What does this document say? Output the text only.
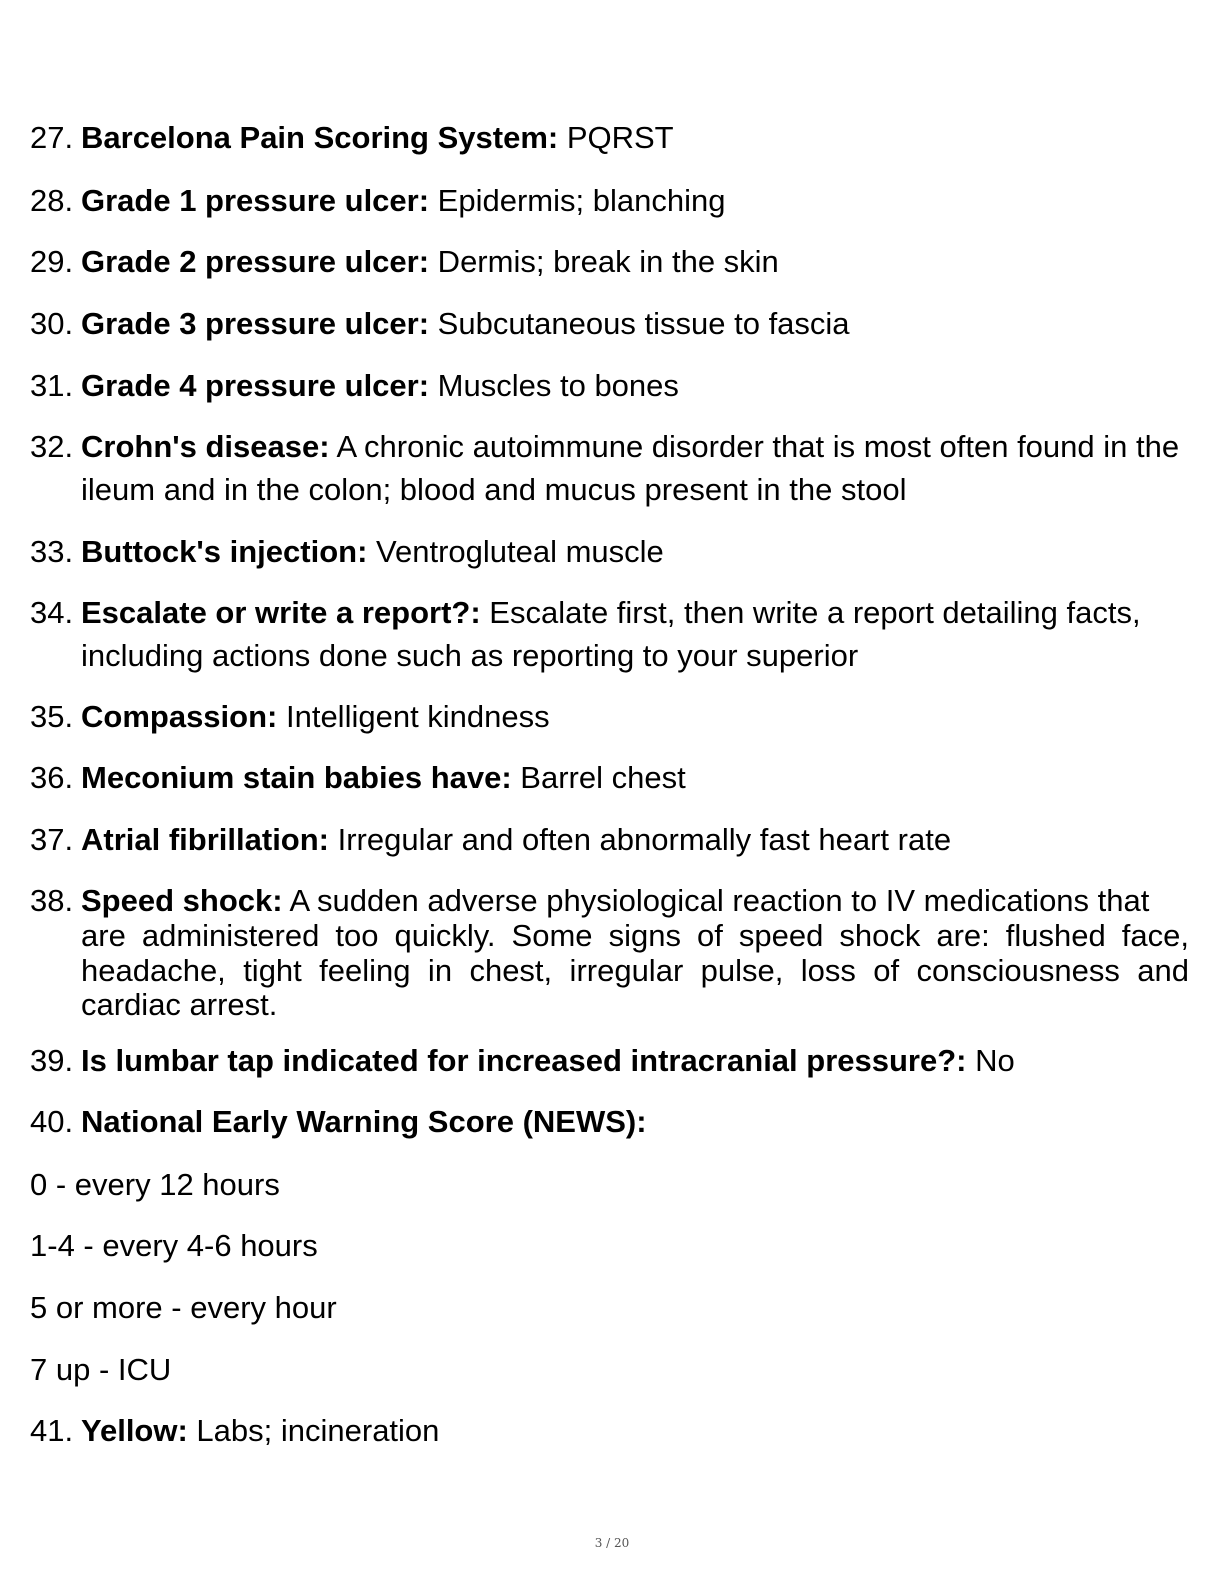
27. Barcelona Pain Scoring System: PQRST
28. Grade 1 pressure ulcer: Epidermis; blanching
29. Grade 2 pressure ulcer: Dermis; break in the skin
30. Grade 3 pressure ulcer: Subcutaneous tissue to fascia
31. Grade 4 pressure ulcer: Muscles to bones
32. Crohn's disease: A chronic autoimmune disorder that is most often found in the
ileum and in the colon; blood and mucus present in the stool
33. Buttock's injection: Ventrogluteal muscle
34. Escalate or write a report?: Escalate first, then write a report detailing facts,
including actions done such as reporting to your superior
35. Compassion: Intelligent kindness
36. Meconium stain babies have: Barrel chest
37. Atrial fibrillation: Irregular and often abnormally fast heart rate
38. Speed shock: A sudden adverse physiological reaction to IV medications that
are administered too quickly. Some signs of speed shock are: flushed face,
headache, tight feeling in chest, irregular pulse, loss of consciousness and
cardiac arrest.
39. Is lumbar tap indicated for increased intracranial pressure?: No
40. National Early Warning Score (NEWS):
0 - every 12 hours
1-4 - every 4-6 hours
5 or more - every hour
7 up - ICU
41. Yellow: Labs; incineration
3 / 20
